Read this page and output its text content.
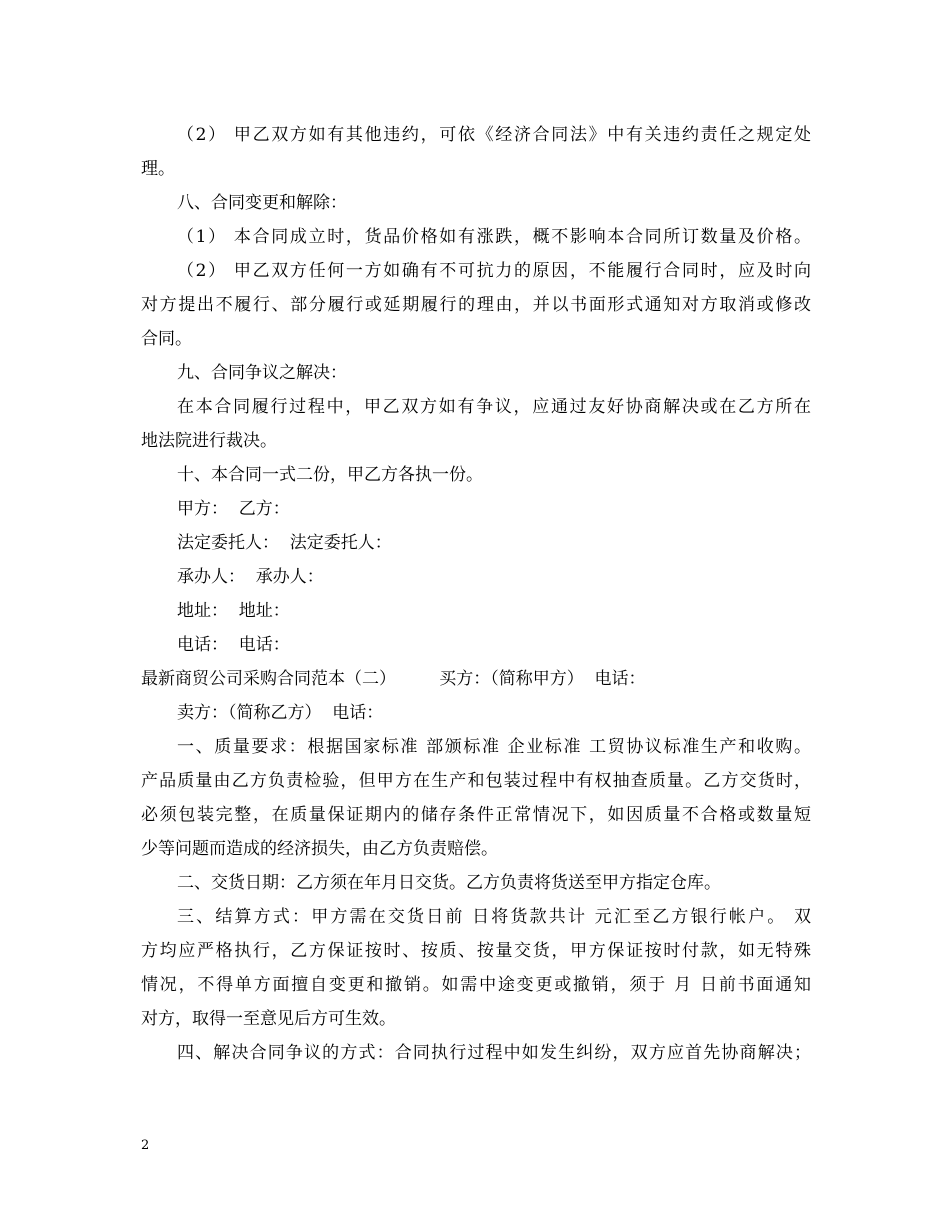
（2） 甲乙双方如有其他违约，可依《经济合同法》中有关违约责任之规定处
理。
八、合同变更和解除：
（1） 本合同成立时，货品价格如有涨跌，概不影响本合同所订数量及价格。
（2） 甲乙双方任何一方如确有不可抗力的原因，不能履行合同时，应及时向
对方提出不履行、部分履行或延期履行的理由，并以书面形式通知对方取消或修改
合同。
九、合同争议之解决：
在本合同履行过程中，甲乙双方如有争议，应通过友好协商解决或在乙方所在
地法院进行裁决。
十、本合同一式二份，甲乙方各执一份。
甲方：  乙方：
法定委托人：  法定委托人：
承办人：  承办人：
地址：  地址：
电话：  电话：
最新商贸公司采购合同范本（二）        买方：（简称甲方）  电话：
卖方：（简称乙方）  电话：
一、质量要求：根据国家标准 部颁标准 企业标准 工贸协议标准生产和收购。
产品质量由乙方负责检验，但甲方在生产和包装过程中有权抽查质量。乙方交货时，
必须包装完整，在质量保证期内的储存条件正常情况下，如因质量不合格或数量短
少等问题而造成的经济损失，由乙方负责赔偿。
二、交货日期：乙方须在年月日交货。乙方负责将货送至甲方指定仓库。
三、结算方式：甲方需在交货日前 日将货款共计 元汇至乙方银行帐户。 双
方均应严格执行，乙方保证按时、按质、按量交货，甲方保证按时付款，如无特殊
情况，不得单方面擅自变更和撤销。如需中途变更或撤销，须于 月 日前书面通知
对方，取得一至意见后方可生效。
四、解决合同争议的方式：合同执行过程中如发生纠纷，双方应首先协商解决；
2
